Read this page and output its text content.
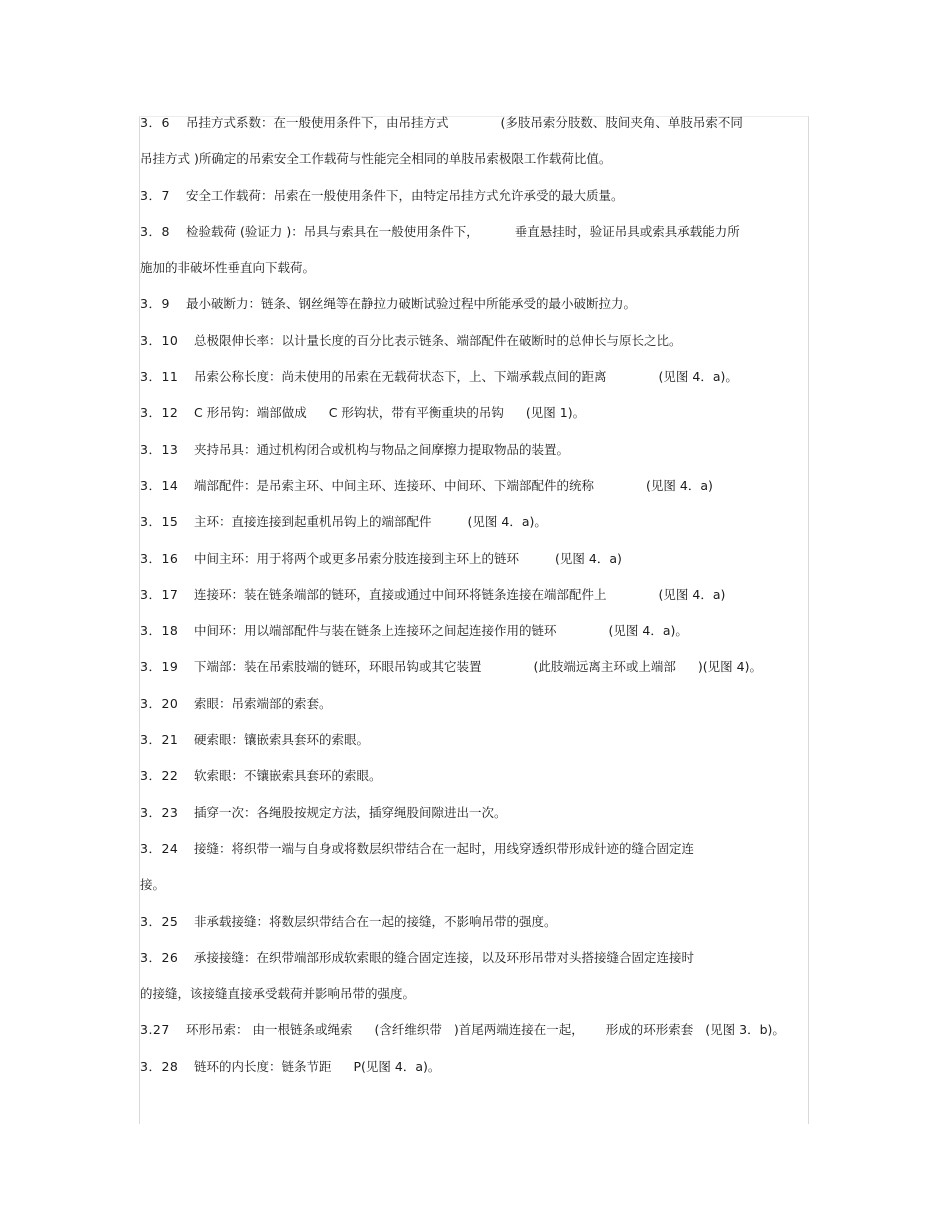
3．6	吊挂方式系数：在一般使用条件下，由吊挂方式	(多肢吊索分肢数、肢间夹角、单肢吊索不同
吊挂方式 )所确定的吊索安全工作载荷与性能完全相同的单肢吊索极限工作载荷比值。
3．7	安全工作载荷：吊索在一般使用条件下，由特定吊挂方式允许承受的最大质量。
3．8	检验载荷 (验证力 )：吊具与索具在一般使用条件下，	垂直悬挂时，验证吊具或索具承载能力所
施加的非破坏性垂直向下载荷。
3．9	最小破断力：链条、钢丝绳等在静拉力破断试验过程中所能承受的最小破断拉力。
3．10	总极限伸长率：以计量长度的百分比表示链条、端部配件在破断时的总伸长与原长之比。
3．11	吊索公称长度：尚未使用的吊索在无载荷状态下，上、下端承载点间的距离	(见图 4．a)。
3．12	C 形吊钩：端部做成 C 形钩状，带有平衡重块的吊钩 (见图 1)。
3．13	夹持吊具：通过机构闭合或机构与物品之间摩擦力提取物品的装置。
3．14	端部配件：是吊索主环、中间主环、连接环、中间环、下端部配件的统称	(见图 4．a)
3．15	主环：直接连接到起重机吊钩上的端部配件	(见图 4．a)。
3．16	中间主环：用于将两个或更多吊索分肢连接到主环上的链环	(见图 4．a)
3．17	连接环：装在链条端部的链环，直接或通过中间环将链条连接在端部配件上	(见图 4．a)
3．18	中间环：用以端部配件与装在链条上连接环之间起连接作用的链环	(见图 4．a)。
3．19	下端部：装在吊索肢端的链环，环眼吊钩或其它装置	(此肢端远离主环或上端部 )(见图 4)。
3．20	索眼：吊索端部的索套。
3．21	硬索眼：镶嵌索具套环的索眼。
3．22	软索眼：不镶嵌索具套环的索眼。
3．23	插穿一次：各绳股按规定方法，插穿绳股间隙进出一次。
3．24	接缝：将织带一端与自身或将数层织带结合在一起时，用线穿透织带形成针迹的缝合固定连
接。
3．25	非承载接缝：将数层织带结合在一起的接缝，不影响吊带的强度。
3．26	承接接缝：在织带端部形成软索眼的缝合固定连接，以及环形吊带对头搭接缝合固定连接时
的接缝，该接缝直接承受载荷并影响吊带的强度。
3.27	环形吊索： 由一根链条或绳索 (含纤维织带 )首尾两端连接在一起， 形成的环形索套 (见图 3．b)。
3．28	链环的内长度：链条节距 P(见图 4．a)。
